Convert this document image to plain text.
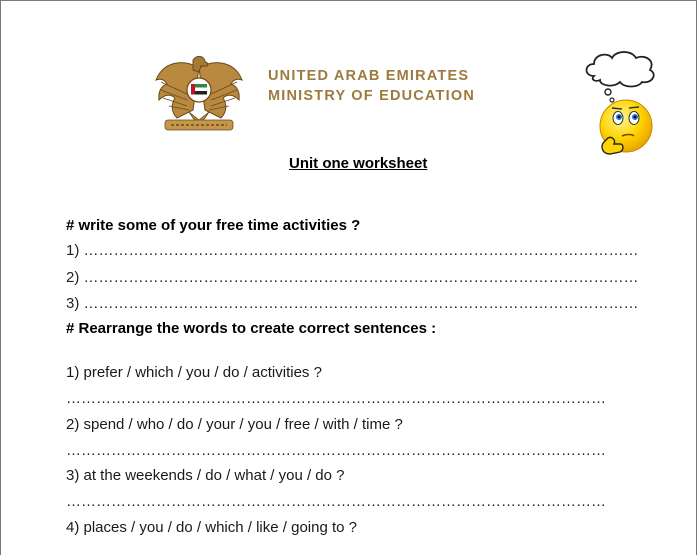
UNITED ARAB EMIRATES
MINISTRY OF EDUCATION
Unit one worksheet
# write some of your free time activities ?
1) …………………………………………………………………………………………………
2) …………………………………………………………………………………………………
3) …………………………………………………………………………………………………
# Rearrange the words to create correct sentences :
1) prefer / which / you / do / activities ?
………………………………………………………………………………………………
2) spend / who / do / your / you / free / with / time ?
………………………………………………………………………………………………
3) at the weekends / do / what / you / do ?
………………………………………………………………………………………………
4) places / you / do / which / like / going to ?
